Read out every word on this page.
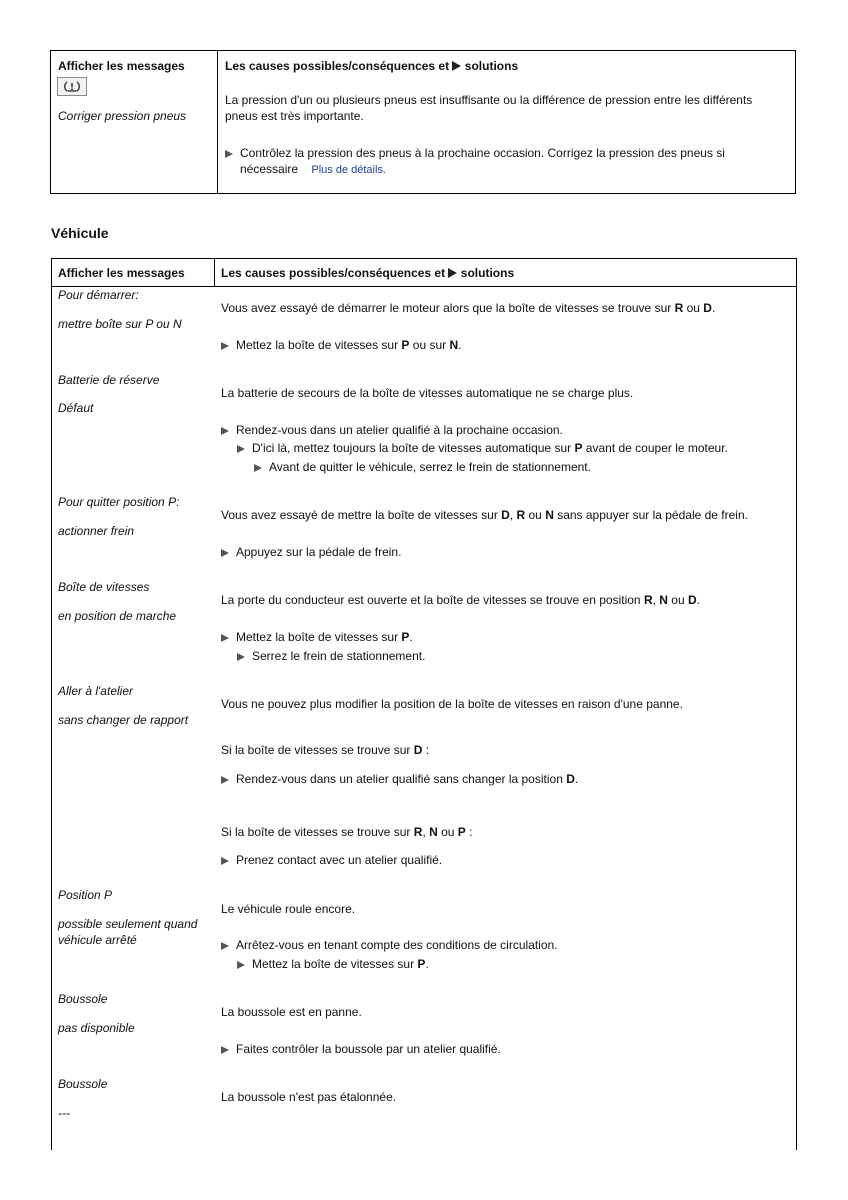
Afficher les messages	Les causes possibles/conséquences et solutions
Corriger pression pneus
La pression d'un ou plusieurs pneus est insuffisante ou la différence de pression entre les différents
pneus est très importante.
Contrôlez la pression des pneus à la prochaine occasion. Corrigez la pression des pneus si
nécessaire Plus de détails.
Véhicule
Afficher les messages	Les causes possibles/conséquences et solutions
Pour démarrer:
mettre boîte sur P ou N
Vous avez essayé de démarrer le moteur alors que la boîte de vitesses se trouve sur R ou D.
Mettez la boîte de vitesses sur P ou sur N.
Batterie de réserve
Défaut
La batterie de secours de la boîte de vitesses automatique ne se charge plus.
Rendez-vous dans un atelier qualifié à la prochaine occasion.
D'ici là, mettez toujours la boîte de vitesses automatique sur P avant de couper le moteur.
Avant de quitter le véhicule, serrez le frein de stationnement.
Pour quitter position P:
actionner frein
Vous avez essayé de mettre la boîte de vitesses sur D, R ou N sans appuyer sur la pédale de frein.
Appuyez sur la pédale de frein.
Boîte de vitesses
en position de marche
La porte du conducteur est ouverte et la boîte de vitesses se trouve en position R, N ou D.
Mettez la boîte de vitesses sur P.
Serrez le frein de stationnement.
Aller à l'atelier
sans changer de rapport
Vous ne pouvez plus modifier la position de la boîte de vitesses en raison d'une panne.
Si la boîte de vitesses se trouve sur D :
Rendez-vous dans un atelier qualifié sans changer la position D.
Si la boîte de vitesses se trouve sur R, N ou P :
Prenez contact avec un atelier qualifié.
Position P
possible seulement quand
véhicule arrêté
Le véhicule roule encore.
Arrêtez-vous en tenant compte des conditions de circulation.
Mettez la boîte de vitesses sur P.
Boussole
pas disponible
La boussole est en panne.
Faites contrôler la boussole par un atelier qualifié.
Boussole
---
La boussole n'est pas étalonnée.
